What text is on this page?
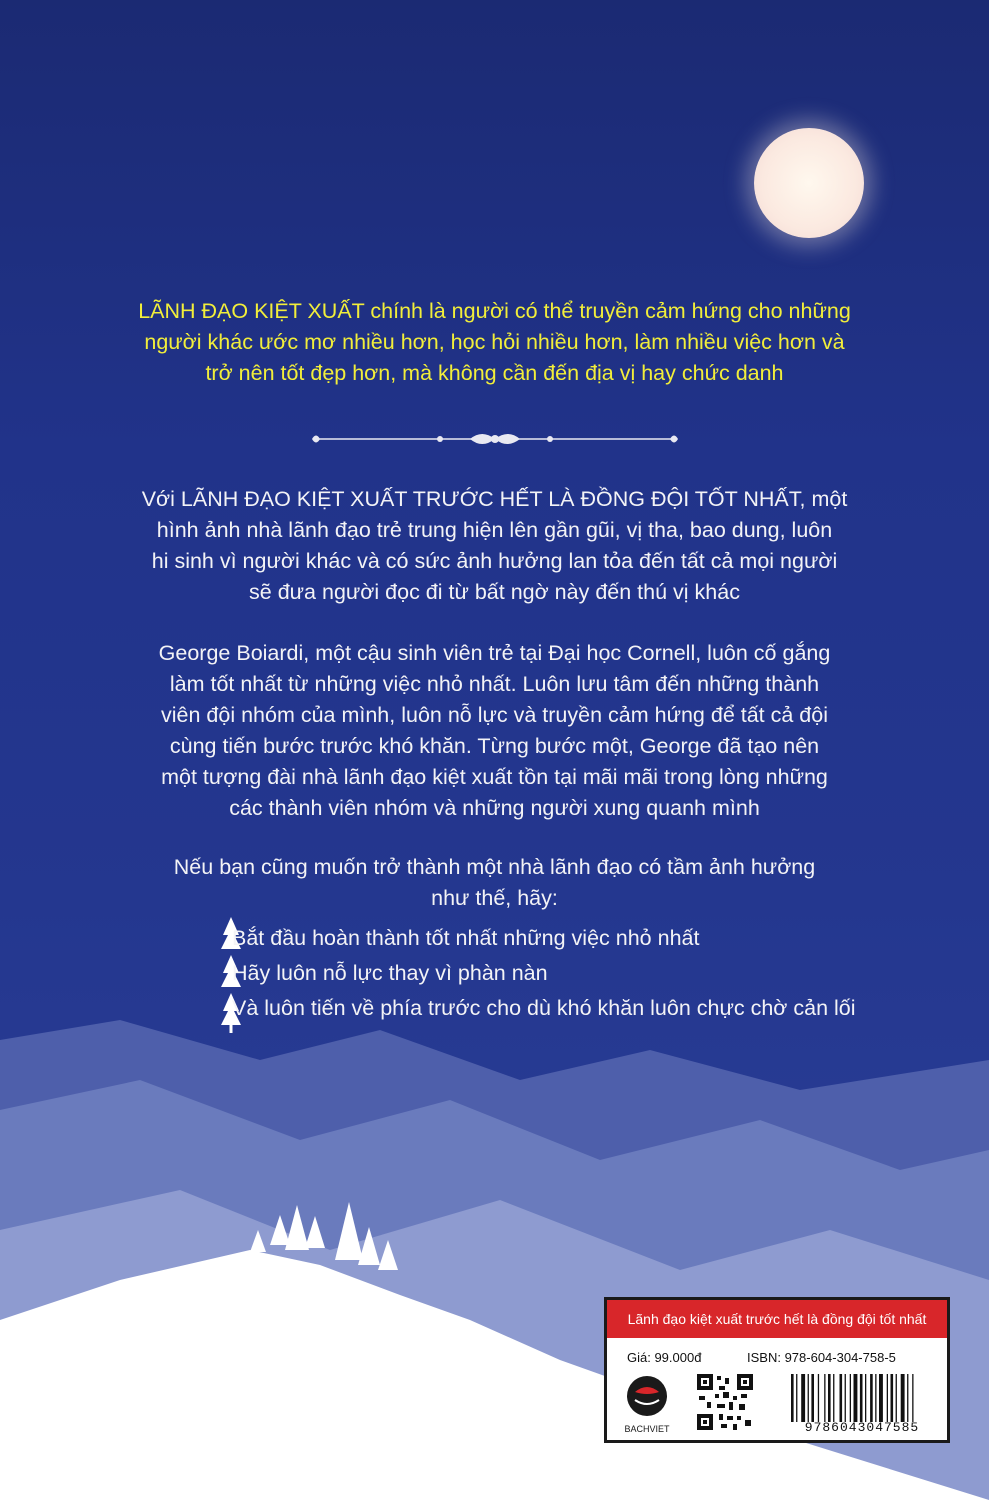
LÃNH ĐẠO KIỆT XUẤT chính là người có thể truyền cảm hứng cho những
người khác ước mơ nhiều hơn, học hỏi nhiều hơn, làm nhiều việc hơn và
trở nên tốt đẹp hơn, mà không cần đến địa vị hay chức danh
Với LÃNH ĐẠO KIỆT XUẤT TRƯỚC HẾT LÀ ĐỒNG ĐỘI TỐT NHẤT, một
hình ảnh nhà lãnh đạo trẻ trung hiện lên gần gũi, vị tha, bao dung, luôn
hi sinh vì người khác và có sức ảnh hưởng lan tỏa đến tất cả mọi người
sẽ đưa người đọc đi từ bất ngờ này đến thú vị khác
George Boiardi, một cậu sinh viên trẻ tại Đại học Cornell, luôn cố gắng
làm tốt nhất từ những việc nhỏ nhất. Luôn lưu tâm đến những thành
viên đội nhóm của mình, luôn nỗ lực và truyền cảm hứng để tất cả đội
cùng tiến bước trước khó khăn. Từng bước một, George đã tạo nên
một tượng đài nhà lãnh đạo kiệt xuất tồn tại mãi mãi trong lòng những
các thành viên nhóm và những người xung quanh mình
Nếu bạn cũng muốn trở thành một nhà lãnh đạo có tầm ảnh hưởng
như thế, hãy:
Bắt đầu hoàn thành tốt nhất những việc nhỏ nhất
Hãy luôn nỗ lực thay vì phàn nàn
Và luôn tiến về phía trước cho dù khó khăn luôn chực chờ cản lối
Lãnh đạo kiệt xuất trước hết là đồng đội tốt nhất
Giá: 99.000đ	ISBN: 978-604-304-758-5
BACHVIET	9786043047585
